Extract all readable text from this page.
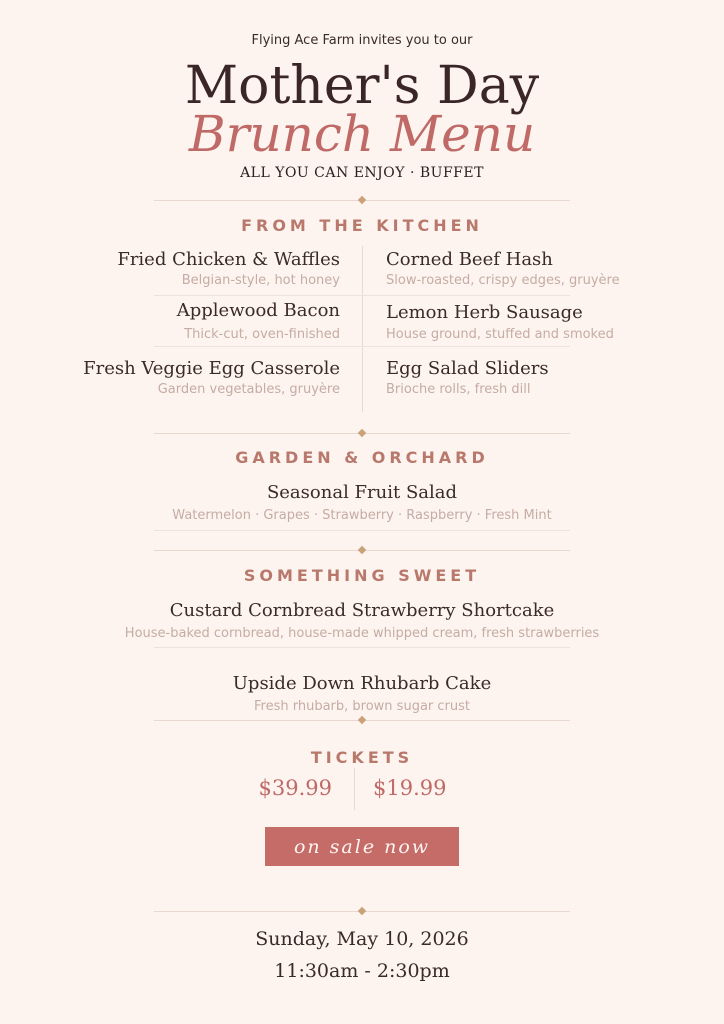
Flying Ace Farm invites you to our
Mother's Day
Brunch Menu
ALL YOU CAN ENJOY · BUFFET
FROM THE KITCHEN
Fried Chicken & Waffles
Belgian-style, hot honey
Corned Beef Hash
Slow-roasted, crispy edges, gruyère
Applewood Bacon
Thick-cut, oven-finished
Lemon Herb Sausage
House ground, stuffed and smoked
Fresh Veggie Egg Casserole
Garden vegetables, gruyère
Egg Salad Sliders
Brioche rolls, fresh dill
GARDEN & ORCHARD
Seasonal Fruit Salad
Watermelon · Grapes · Strawberry · Raspberry · Fresh Mint
SOMETHING SWEET
Custard Cornbread Strawberry Shortcake
House-baked cornbread, house-made whipped cream, fresh strawberries
Upside Down Rhubarb Cake
Fresh rhubarb, brown sugar crust
TICKETS
$39.99 $19.99
on sale now
Sunday, May 10, 2026
11:30am - 2:30pm
